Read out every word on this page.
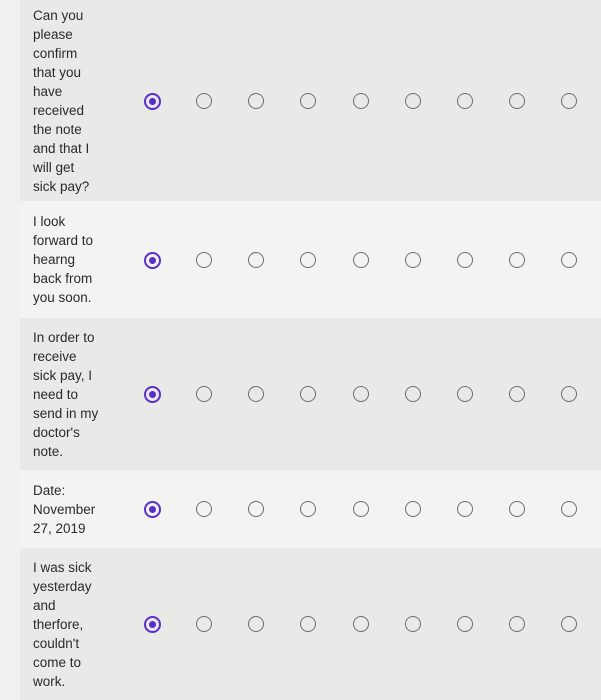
Can you
please
confirm
that you
have
received
the note
and that I
will get
sick pay?
I look
forward to
hearng
back from
you soon.
In order to
receive
sick pay, I
need to
send in my
doctor's
note.
Date:
November
27, 2019
I was sick
yesterday
and
therfore,
couldn't
come to
work.
